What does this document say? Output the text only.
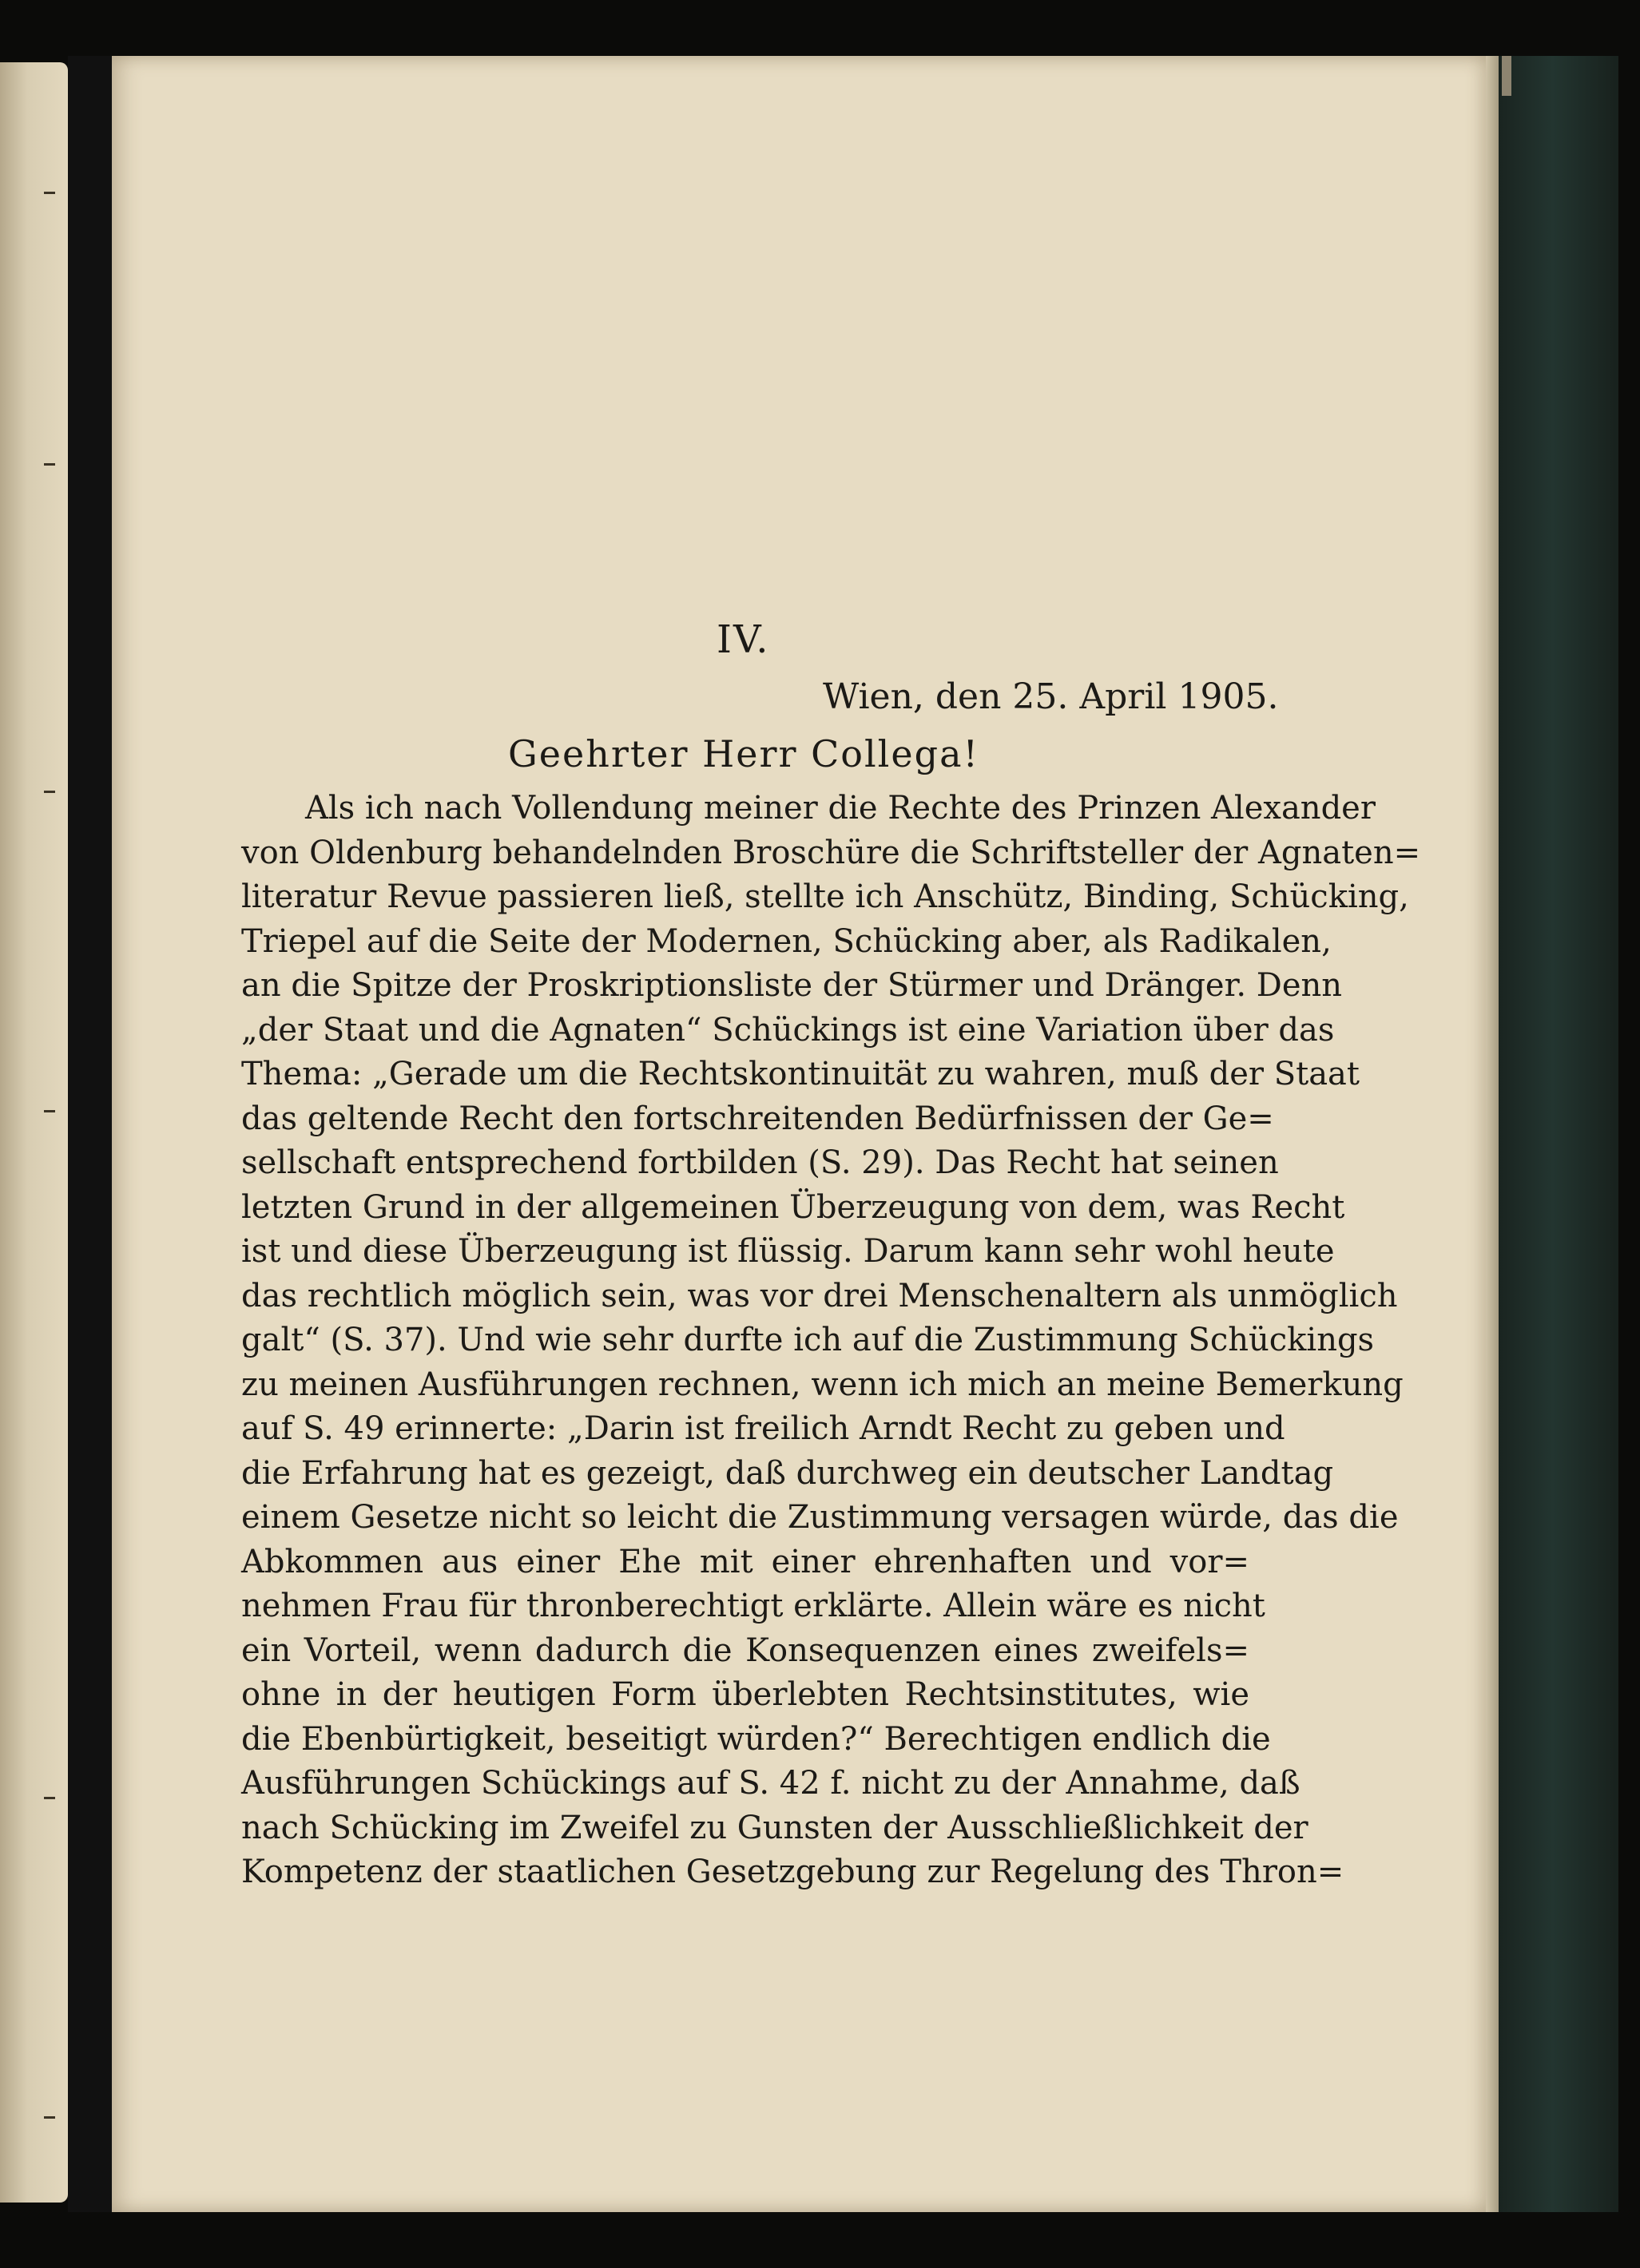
IV.
Wien, den 25. April 1905.
Geehrter Herr Collega!
Als ich nach Vollendung meiner die Rechte des Prinzen Alexander
von Oldenburg behandelnden Broschüre die Schriftsteller der Agnaten=
literatur Revue passieren ließ, stellte ich Anschütz, Binding, Schücking,
Triepel auf die Seite der Modernen, Schücking aber, als Radikalen,
an die Spitze der Proskriptionsliste der Stürmer und Dränger. Denn
„der Staat und die Agnaten“ Schückings ist eine Variation über das
Thema: „Gerade um die Rechtskontinuität zu wahren, muß der Staat
das geltende Recht den fortschreitenden Bedürfnissen der Ge=
sellschaft entsprechend fortbilden (S. 29). Das Recht hat seinen
letzten Grund in der allgemeinen Überzeugung von dem, was Recht
ist und diese Überzeugung ist flüssig. Darum kann sehr wohl heute
das rechtlich möglich sein, was vor drei Menschenaltern als unmöglich
galt“ (S. 37). Und wie sehr durfte ich auf die Zustimmung Schückings
zu meinen Ausführungen rechnen, wenn ich mich an meine Bemerkung
auf S. 49 erinnerte: „Darin ist freilich Arndt Recht zu geben und
die Erfahrung hat es gezeigt, daß durchweg ein deutscher Landtag
einem Gesetze nicht so leicht die Zustimmung versagen würde, das die
Abkommen aus einer Ehe mit einer ehrenhaften und vor=
nehmen Frau für thronberechtigt erklärte. Allein wäre es nicht
ein Vorteil, wenn dadurch die Konsequenzen eines zweifels=
ohne in der heutigen Form überlebten Rechtsinstitutes, wie
die Ebenbürtigkeit, beseitigt würden?“ Berechtigen endlich die
Ausführungen Schückings auf S. 42 f. nicht zu der Annahme, daß
nach Schücking im Zweifel zu Gunsten der Ausschließlichkeit der
Kompetenz der staatlichen Gesetzgebung zur Regelung des Thron=
